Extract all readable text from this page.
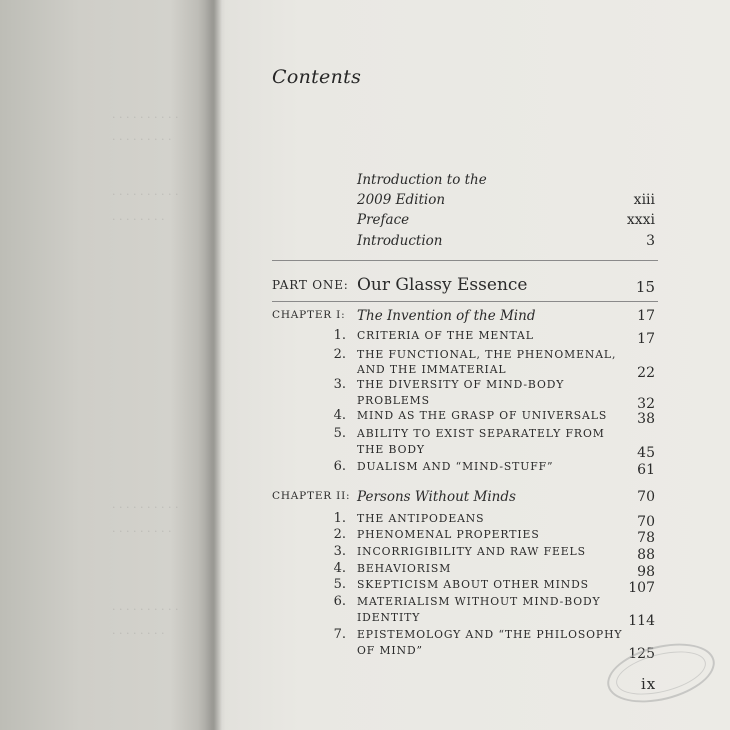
. . . . . . . . . .
. . . . . . . . .
. . . . . . . . . .
. . . . . . . .
. . . . . . . . . .
. . . . . . . . .
. . . . . . . . . .
. . . . . . . .
Contents
Introduction to the
2009 Edition	xiii
Preface	xxxi
Introduction	3
PART ONE: Our Glassy Essence	15
CHAPTER I: The Invention of the Mind	17
1. CRITERIA OF THE MENTAL	17
2. THE FUNCTIONAL, THE PHENOMENAL,
AND THE IMMATERIAL	22
3. THE DIVERSITY OF MIND-BODY
PROBLEMS	32
4. MIND AS THE GRASP OF UNIVERSALS 38
5. ABILITY TO EXIST SEPARATELY FROM
THE BODY	45
6. DUALISM AND “MIND-STUFF”	61
CHAPTER II: Persons Without Minds	70
1. THE ANTIPODEANS	70
2. PHENOMENAL PROPERTIES	78
3. INCORRIGIBILITY AND RAW FEELS	88
4. BEHAVIORISM	98
5. SKEPTICISM ABOUT OTHER MINDS	107
6. MATERIALISM WITHOUT MIND-BODY
IDENTITY	114
7. EPISTEMOLOGY AND “THE PHILOSOPHY
OF MIND”	125
ix
